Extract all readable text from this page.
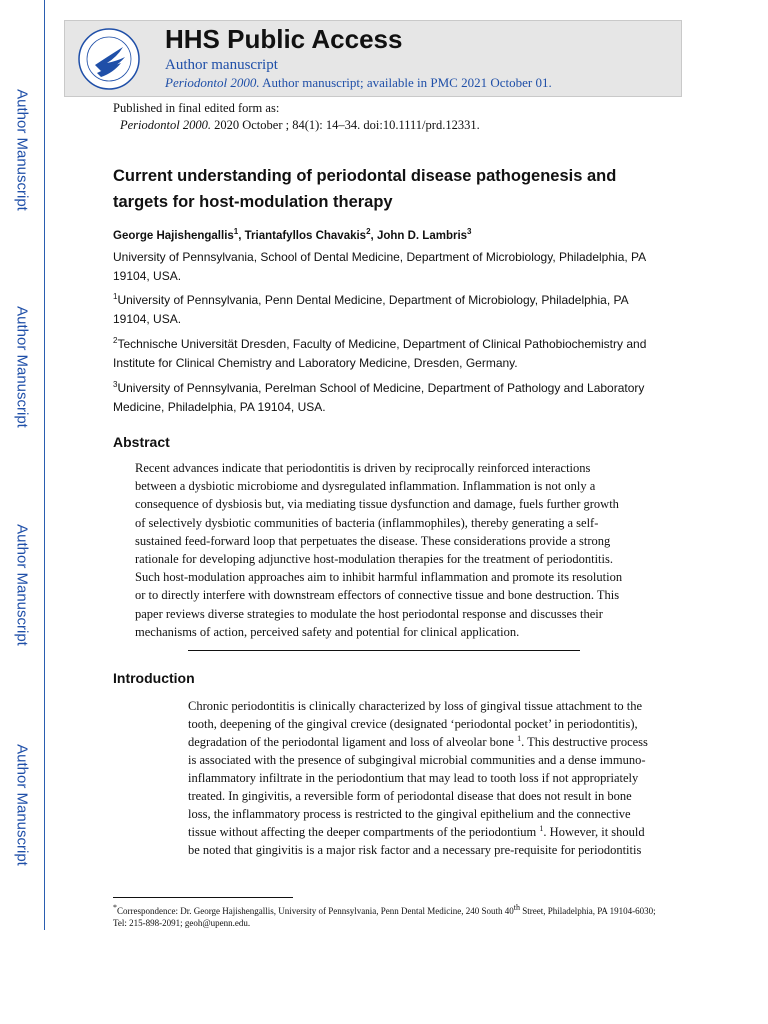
Author Manuscript
Author Manuscript
Author Manuscript
Author Manuscript
HHS Public Access
Author manuscript
Periodontol 2000. Author manuscript; available in PMC 2021 October 01.
Published in final edited form as:
Periodontol 2000. 2020 October ; 84(1): 14–34. doi:10.1111/prd.12331.
Current understanding of periodontal disease pathogenesis and targets for host-modulation therapy
George Hajishengallis$^1$, Triantafyllos Chavakis$^2$, John D. Lambris$^3$
University of Pennsylvania, School of Dental Medicine, Department of Microbiology, Philadelphia, PA 19104, USA.
$^1$University of Pennsylvania, Penn Dental Medicine, Department of Microbiology, Philadelphia, PA 19104, USA.
$^2$Technische Universität Dresden, Faculty of Medicine, Department of Clinical Pathobiochemistry and Institute for Clinical Chemistry and Laboratory Medicine, Dresden, Germany.
$^3$University of Pennsylvania, Perelman School of Medicine, Department of Pathology and Laboratory Medicine, Philadelphia, PA 19104, USA.
Abstract

Recent advances indicate that periodontitis is driven by reciprocally reinforced interactions between a dysbiotic microbiome and dysregulated inflammation. Inflammation is not only a consequence of dysbiosis but, via mediating tissue dysfunction and damage, fuels further growth of selectively dysbiotic communities of bacteria (inflammophiles), thereby generating a self-sustained feed-forward loop that perpetuates the disease. These considerations provide a strong rationale for developing adjunctive host-modulation therapies for the treatment of periodontitis. Such host-modulation approaches aim to inhibit harmful inflammation and promote its resolution or to directly interfere with downstream effectors of connective tissue and bone destruction. This paper reviews diverse strategies to modulate the host periodontal response and discusses their mechanisms of action, perceived safety and potential for clinical application.

Introduction

Chronic periodontitis is clinically characterized by loss of gingival tissue attachment to the tooth, deepening of the gingival crevice (designated ‘periodontal pocket’ in periodontitis), degradation of the periodontal ligament and loss of alveolar bone $^1$. This destructive process is associated with the presence of subgingival microbial communities and a dense immuno-inflammatory infiltrate in the periodontium that may lead to tooth loss if not appropriately treated. In gingivitis, a reversible form of periodontal disease that does not result in bone loss, the inflammatory process is restricted to the gingival epithelium and the connective tissue without affecting the deeper compartments of the periodontium $^1$. However, it should be noted that gingivitis is a major risk factor and a necessary pre-requisite for periodontitis

*Correspondence: Dr. George Hajishengallis, University of Pennsylvania, Penn Dental Medicine, 240 South 40th Street, Philadelphia, PA 19104-6030; Tel: 215-898-2091; geoh@upenn.edu.
